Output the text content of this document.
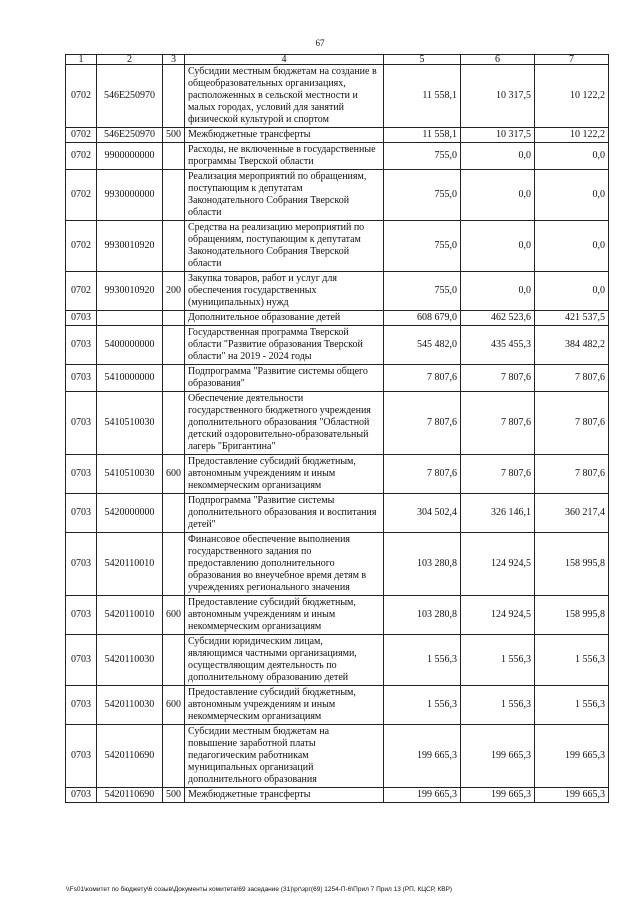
67
1	2	3	4	5	6	7
0702	546E250970		Субсидии местным бюджетам на создание в общеобразовательных организациях, расположенных в сельской местности и малых городах, условий для занятий физической культурой и спортом	11 558,1	10 317,5	10 122,2
0702	546E250970	500	Межбюджетные трансферты	11 558,1	10 317,5	10 122,2
0702	9900000000		Расходы, не включенные в государственные программы Тверской области	755,0	0,0	0,0
0702	9930000000		Реализация мероприятий по обращениям, поступающим к депутатам Законодательного Собрания Тверской области	755,0	0,0	0,0
0702	9930010920		Средства на реализацию мероприятий по обращениям, поступающим к депутатам Законодательного Собрания Тверской области	755,0	0,0	0,0
0702	9930010920	200	Закупка товаров, работ и услуг для обеспечения государственных (муниципальных) нужд	755,0	0,0	0,0
0703			Дополнительное образование детей	608 679,0	462 523,6	421 537,5
0703	5400000000		Государственная программа Тверской области "Развитие образования Тверской области" на 2019 - 2024 годы	545 482,0	435 455,3	384 482,2
0703	5410000000		Подпрограмма "Развитие системы общего образования"	7 807,6	7 807,6	7 807,6
0703	5410510030		Обеспечение деятельности государственного бюджетного учреждения дополнительного образования "Областной детский оздоровительно-образовательный лагерь "Бригантина"	7 807,6	7 807,6	7 807,6
0703	5410510030	600	Предоставление субсидий бюджетным, автономным учреждениям и иным некоммерческим организациям	7 807,6	7 807,6	7 807,6
0703	5420000000		Подпрограмма "Развитие системы дополнительного образования и воспитания детей"	304 502,4	326 146,1	360 217,4
0703	5420110010		Финансовое обеспечение выполнения государственного задания по предоставлению дополнительного образования во внеучебное время детям в учреждениях регионального значения	103 280,8	124 924,5	158 995,8
0703	5420110010	600	Предоставление субсидий бюджетным, автономным учреждениям и иным некоммерческим организациям	103 280,8	124 924,5	158 995,8
0703	5420110030		Субсидии юридическим лицам, являющимся частными организациями, осуществляющим деятельность по дополнительному образованию детей	1 556,3	1 556,3	1 556,3
0703	5420110030	600	Предоставление субсидий бюджетным, автономным учреждениям и иным некоммерческим организациям	1 556,3	1 556,3	1 556,3
0703	5420110690		Субсидии местным бюджетам на повышение заработной платы педагогическим работникам муниципальных организаций дополнительного образования	199 665,3	199 665,3	199 665,3
0703	5420110690	500	Межбюджетные трансферты	199 665,3	199 665,3	199 665,3
\\Fs01\комитет по бюджету\6 созыв\Документы комитета\69 заседание (31)\рг\зрг(69) 1254-П-6\Прил 7 Прил 13 (РП, КЦСР, КВР)
